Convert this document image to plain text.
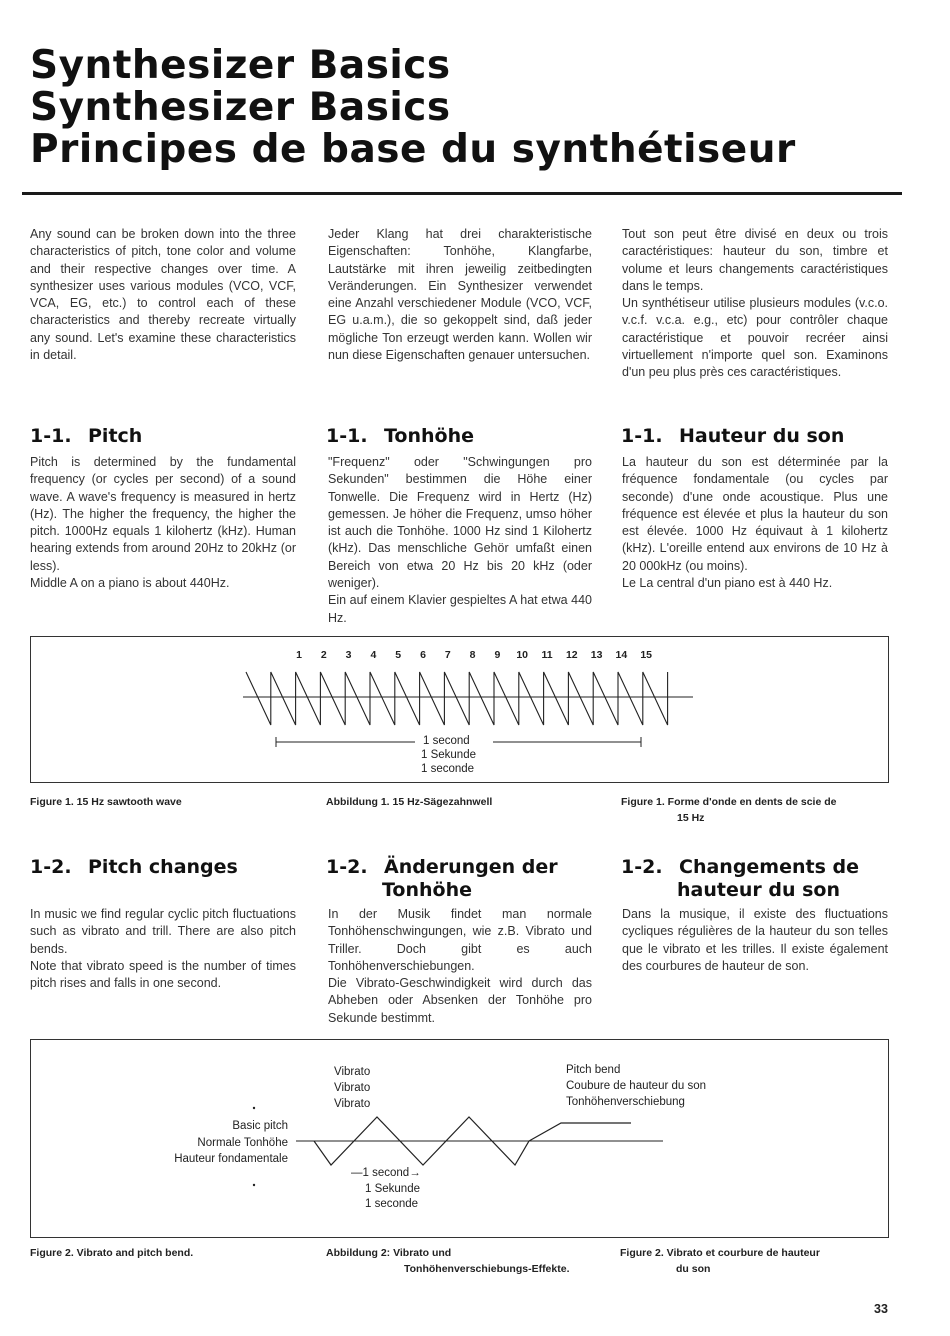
Synthesizer Basics
Synthesizer Basics
Principes de base du synthétiseur

Any sound can be broken down into the three characteristics of pitch, tone color and volume and their respective changes over time. A synthesizer uses various modules (VCO, VCF, VCA, EG, etc.) to control each of these characteristics and thereby recreate virtually any sound. Let's examine these characteristics in detail.

Jeder Klang hat drei charakteristische Eigenschaften: Tonhöhe, Klangfarbe, Lautstärke mit ihren jeweilig zeitbedingten Veränderungen. Ein Synthesizer verwendet eine Anzahl verschiedener Module (VCO, VCF, EG u.a.m.), die so gekoppelt sind, daß jeder mögliche Ton erzeugt werden kann. Wollen wir nun diese Eigenschaften genauer untersuchen.

Tout son peut être divisé en deux ou trois caractéristiques: hauteur du son, timbre et volume et leurs changements caractéristiques dans le temps.

Un synthétiseur utilise plusieurs modules (v.c.o. v.c.f. v.c.a. e.g., etc) pour contrôler chaque caractéristique et pouvoir recréer ainsi virtuellement n'importe quel son. Examinons d'un peu plus près ces caractéristiques.

1-1. Pitch	1-1. Tonhöhe	1-1. Hauteur du son

Pitch is determined by the fundamental frequency (or cycles per second) of a sound wave. A wave's frequency is measured in hertz (Hz). The higher the frequency, the higher the pitch. 1000Hz equals 1 kilohertz (kHz). Human hearing extends from around 20Hz to 20kHz (or less).

Middle A on a piano is about 440Hz.

"Frequenz" oder "Schwingungen pro Sekunden" bestimmen die Höhe einer Tonwelle. Die Frequenz wird in Hertz (Hz) gemessen. Je höher die Frequenz, umso höher ist auch die Tonhöhe. 1000 Hz sind 1 Kilohertz (kHz). Das menschliche Gehör umfaßt einen Bereich von etwa 20 Hz bis 20 kHz (oder weniger).

Ein auf einem Klavier gespieltes A hat etwa 440 Hz.

La hauteur du son est déterminée par la fréquence fondamentale (ou cycles par seconde) d'une onde acoustique. Plus une fréquence est élevée et plus la hauteur du son est élevée. 1000 Hz équivaut à 1 kilohertz (kHz). L'oreille entend aux environs de 10 Hz à 20 000kHz (ou moins).

Le La central d'un piano est à 440 Hz.

1 2 3 4 5 6 7 8 9 10 11 12 13 14 15
1 second
1 Sekunde
1 seconde
Figure 1. 15 Hz sawtooth wave	Abbildung 1. 15 Hz-Sägezahnwell	Figure 1. Forme d'onde en dents de scie de
15 Hz
1-2. Pitch changes	1-2. Änderungen der
Tonhöhe
1-2. Changements de
hauteur du son

In music we find regular cyclic pitch fluctuations such as vibrato and trill. There are also pitch bends.

Note that vibrato speed is the number of times pitch rises and falls in one second.

In der Musik findet man normale Tonhöhenschwingungen, wie z.B. Vibrato und Triller. Doch gibt es auch Tonhöhenverschiebungen.

Die Vibrato-Geschwindigkeit wird durch das Abheben oder Absenken der Tonhöhe pro Sekunde bestimmt.

Dans la musique, il existe des fluctuations cycliques régulières de la hauteur du son telles que le vibrato et les trilles. Il existe également des courbures de hauteur de son.

Vibrato
Vibrato
Vibrato
Pitch bend
Coubure de hauteur du son
Tonhöhenverschiebung
Basic pitch
Normale Tonhöhe
Hauteur fondamentale
—1 second→
1 Sekunde
1 seconde
Figure 2. Vibrato and pitch bend.	Abbildung 2: Vibrato und
Tonhöhenverschiebungs-Effekte.
Figure 2. Vibrato et courbure de hauteur
du son
33
